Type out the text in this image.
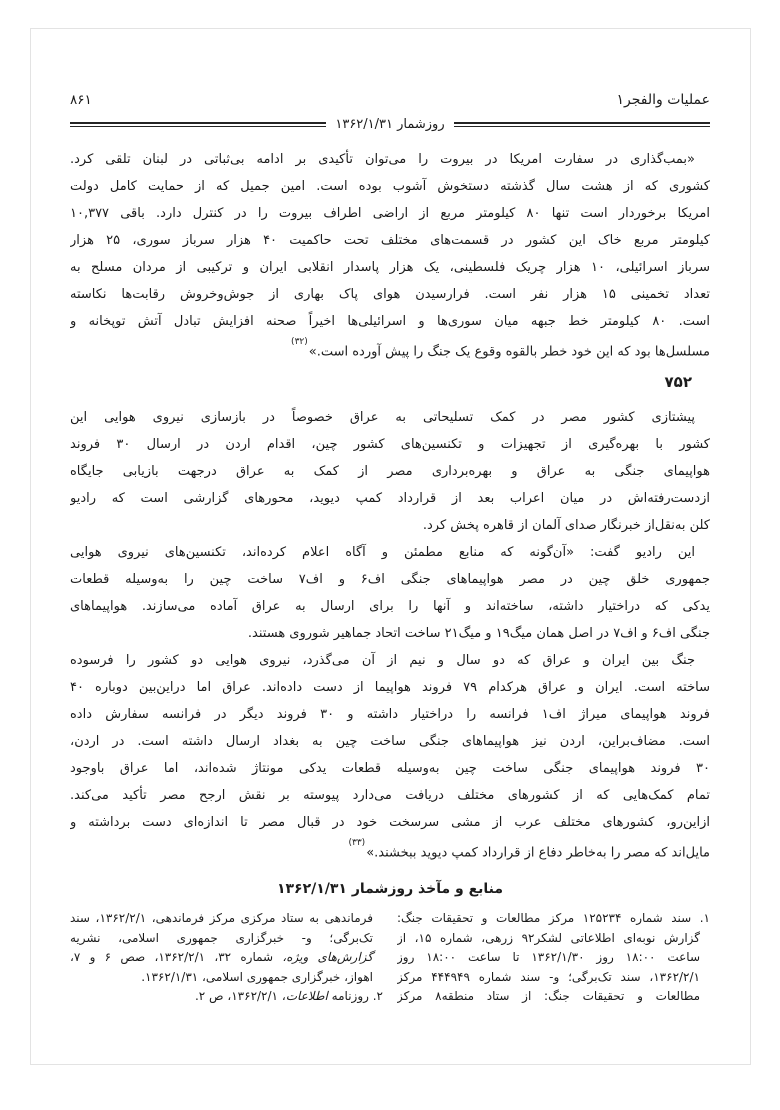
عملیات والفجر۱
۸۶۱
روزشمار ۱۳۶۲/۱/۳۱
«بمب‌گذاری در سفارت امریکا در بیروت را می‌توان تأکیدی بر ادامه بی‌ثباتی در لبنان تلقی کرد.
کشوری که از هشت سال گذشته دستخوش آشوب بوده است. امین جمیل که از حمایت کامل دولت
امریکا برخوردار است تنها ۸۰ کیلومتر مربع از اراضی اطراف بیروت را در کنترل دارد. باقی ۱۰,۳۷۷
کیلومتر مربع خاک این کشور در قسمت‌های مختلف تحت حاکمیت ۴۰ هزار سرباز سوری، ۲۵ هزار
سرباز اسرائیلی، ۱۰ هزار چریک فلسطینی، یک هزار پاسدار انقلابی ایران و ترکیبی از مردان مسلح به
تعداد تخمینی ۱۵ هزار نفر است. فرارسیدن هوای پاک بهاری از جوش‌وخروش رقابت‌ها نکاسته
است. ۸۰ کیلومتر خط جبهه میان سوری‌ها و اسرائیلی‌ها اخیراً صحنه افزایش تبادل آتش توپخانه و
مسلسل‌ها بود که این خود خطر بالقوه وقوع یک جنگ را پیش آورده است.»$^{(۳۲)}$
۷۵۲
پیشتازی کشور مصر در کمک تسلیحاتی به عراق خصوصاً در بازسازی نیروی هوایی این
کشور با بهره‌گیری از تجهیزات و تکنسین‌های کشور چین، اقدام اردن در ارسال ۳۰ فروند
هواپیمای جنگی به عراق و بهره‌برداری مصر از کمک به عراق درجهت بازیابی جایگاه
ازدست‌رفته‌اش در میان اعراب بعد از قرارداد کمپ دیوید، محورهای گزارشی است که رادیو
کلن به‌نقل‌از خبرنگار صدای آلمان از قاهره پخش کرد.
این رادیو گفت: «آن‌گونه که منابع مطمئن و آگاه اعلام کرده‌اند، تکنسین‌های نیروی هوایی
جمهوری خلق چین در مصر هواپیماهای جنگی اف۶ و اف۷ ساخت چین را به‌وسیله قطعات
یدکی که دراختیار داشته، ساخته‌اند و آنها را برای ارسال به عراق آماده می‌سازند. هواپیماهای
جنگی اف۶ و اف۷ در اصل همان میگ۱۹ و میگ۲۱ ساخت اتحاد جماهیر شوروی هستند.
جنگ بین ایران و عراق که دو سال و نیم از آن می‌گذرد، نیروی هوایی دو کشور را فرسوده
ساخته است. ایران و عراق هرکدام ۷۹ فروند هواپیما از دست داده‌اند. عراق اما دراین‌بین دوباره ۴۰
فروند هواپیمای میراژ اف۱ فرانسه را دراختیار داشته و ۳۰ فروند دیگر در فرانسه سفارش داده
است. مضاف‌براین، اردن نیز هواپیماهای جنگی ساخت چین به بغداد ارسال داشته است. در اردن،
۳۰ فروند هواپیمای جنگی ساخت چین به‌وسیله قطعات یدکی مونتاژ شده‌اند، اما عراق باوجود
تمام کمک‌هایی که از کشورهای مختلف دریافت می‌دارد پیوسته بر نقش ارجح مصر تأکید می‌کند.
ازاین‌رو، کشورهای مختلف عرب از مشی سرسخت خود در قبال مصر تا اندازه‌ای دست برداشته و
مایل‌اند که مصر را به‌خاطر دفاع از قرارداد کمپ دیوید ببخشند.»$^{(۳۳)}$
منابع و مآخذ روزشمار ۱۳۶۲/۱/۳۱
۱. سند شماره ۱۲۵۲۳۴ مرکز مطالعات و تحقیقات جنگ:
گزارش نوبه‌ای اطلاعاتی لشکر۹۲ زرهی، شماره ۱۵، از
ساعت ۱۸:۰۰ روز ۱۳۶۲/۱/۳۰ تا ساعت ۱۸:۰۰ روز
۱۳۶۲/۲/۱، سند تک‌برگی؛ و- سند شماره ۴۴۴۹۴۹ مرکز
مطالعات و تحقیقات جنگ: از ستاد منطقه۸ مرکز
فرماندهی به ستاد مرکزی مرکز فرماندهی، ۱۳۶۲/۲/۱، سند
تک‌برگی؛ و- خبرگزاری جمهوری اسلامی، نشریه
گزارش‌های ویژه، شماره ۳۲، ۱۳۶۲/۲/۱، صص ۶ و ۷،
اهواز، خبرگزاری جمهوری اسلامی، ۱۳۶۲/۱/۳۱.
۲. روزنامه اطلاعات، ۱۳۶۲/۲/۱، ص ۲.
